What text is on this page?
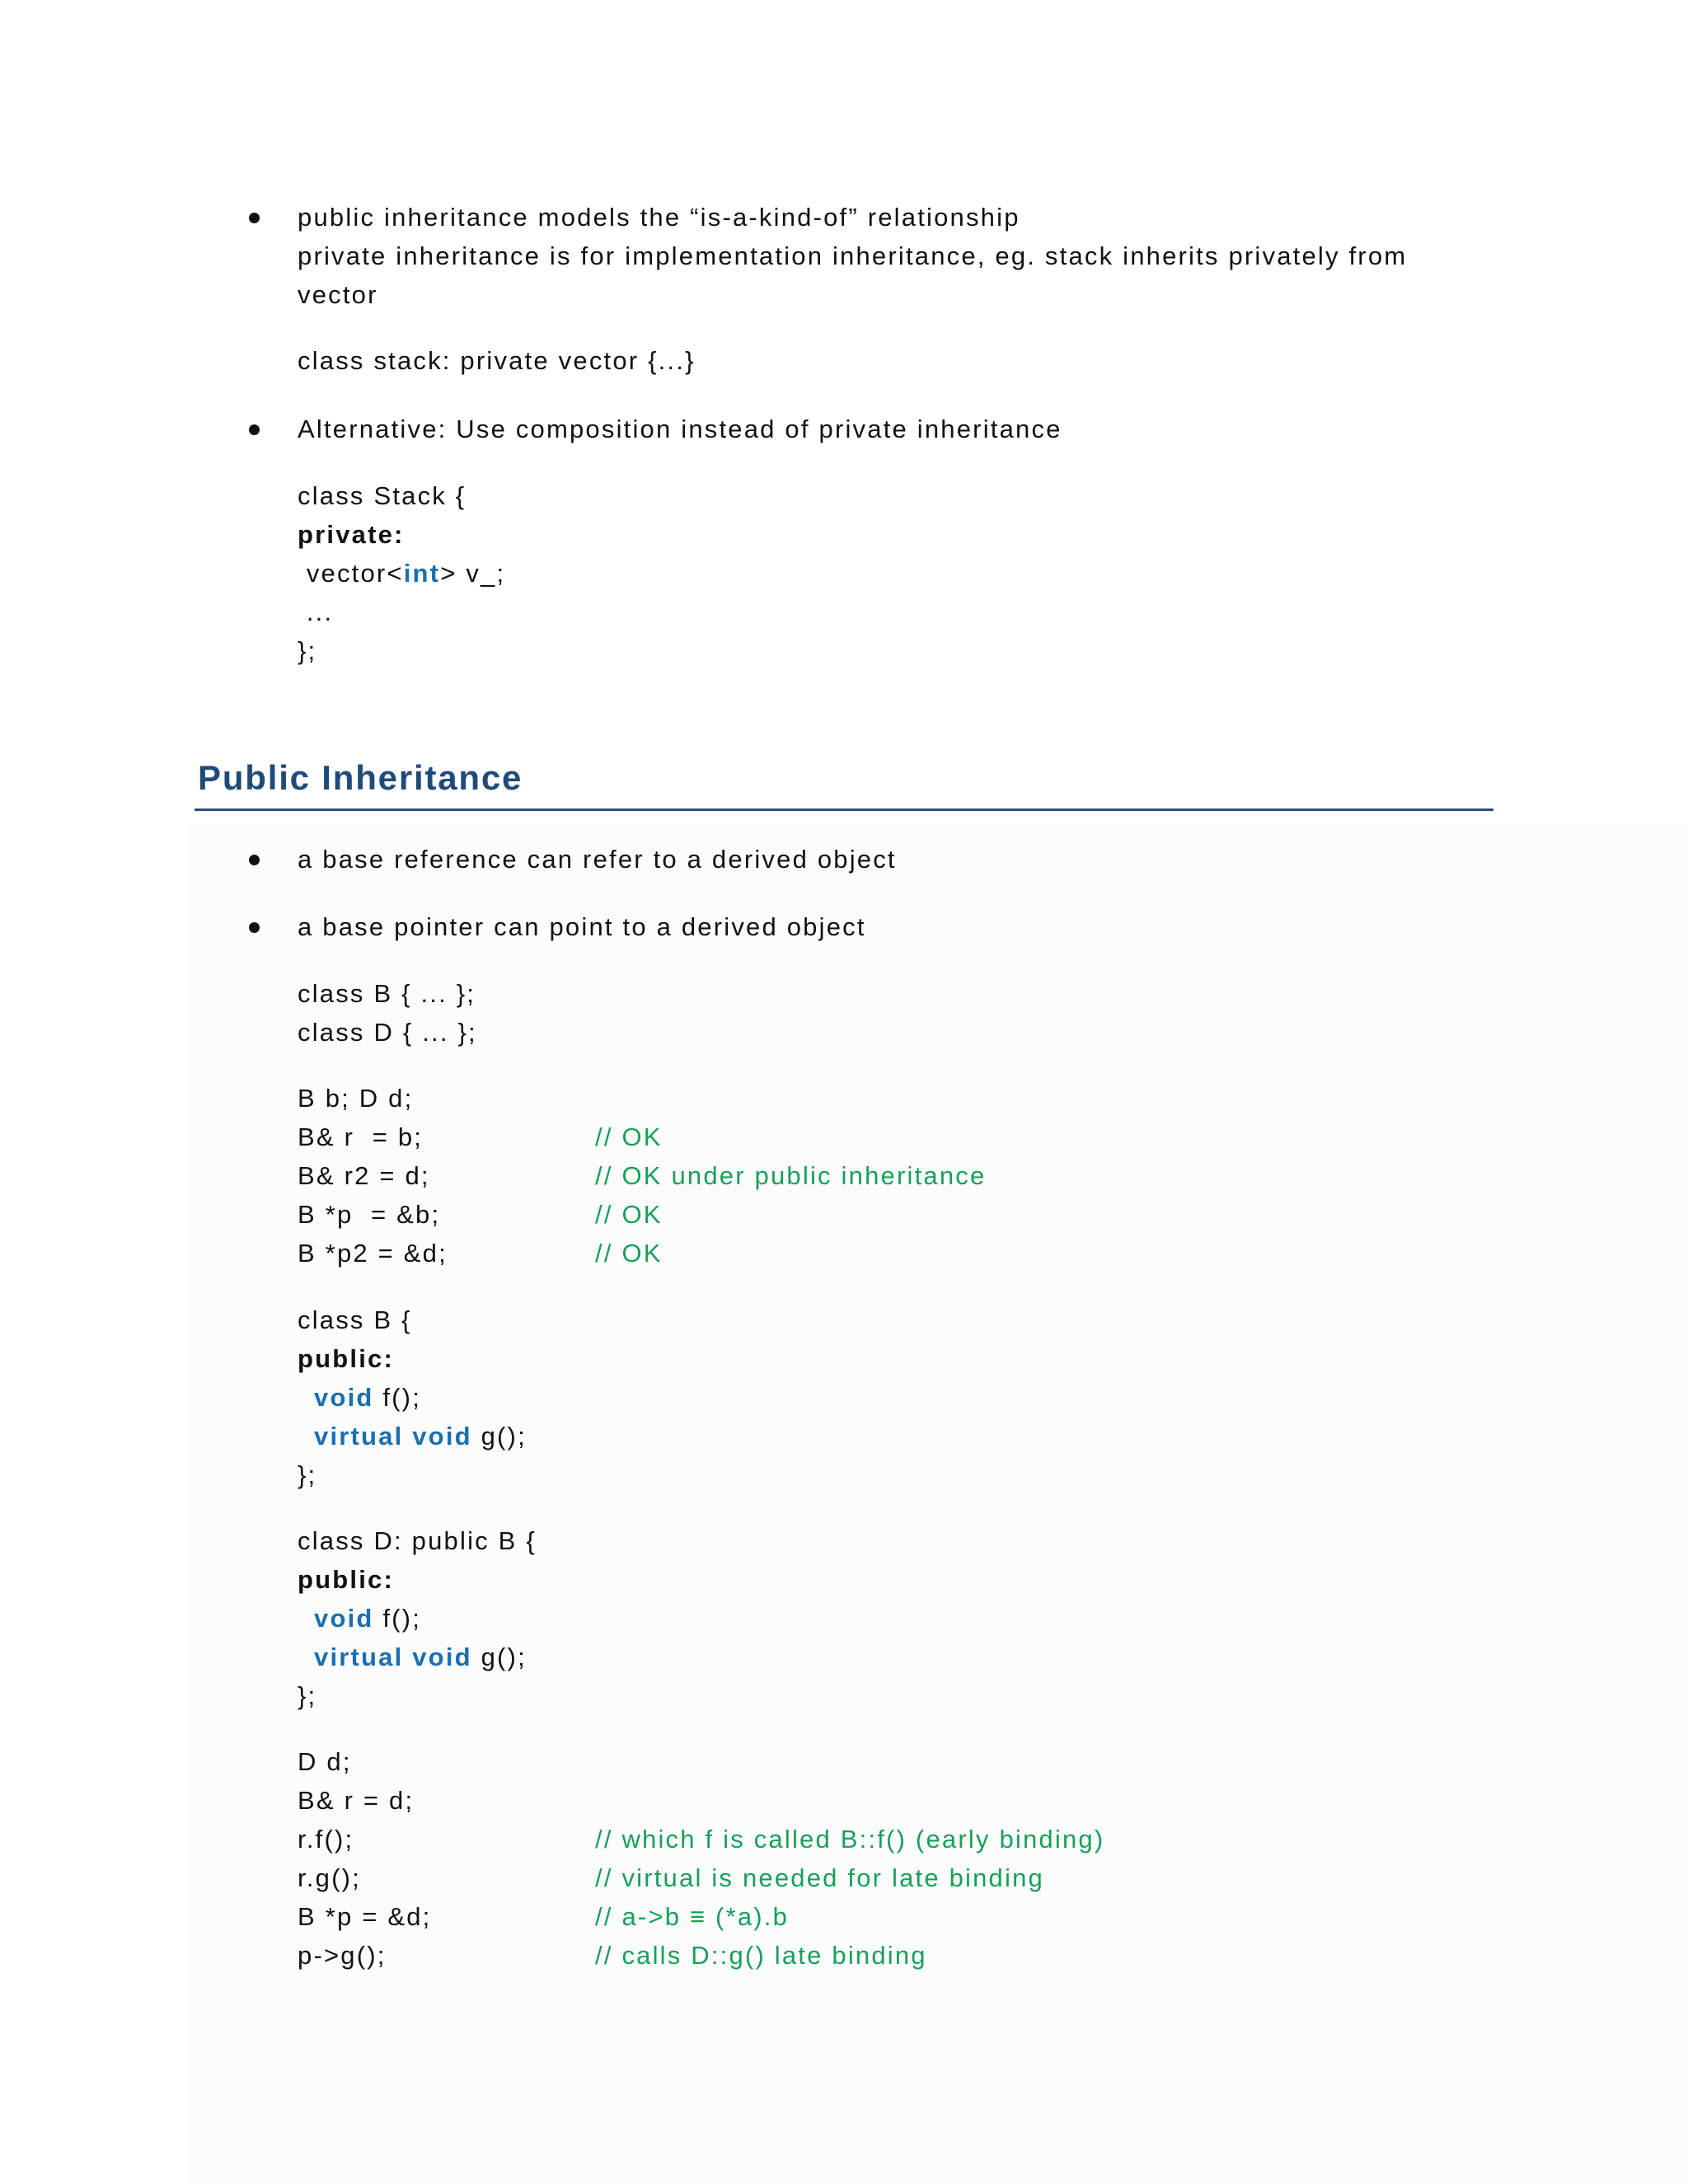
public inheritance models the “is-a-kind-of” relationship
private inheritance is for implementation inheritance, eg. stack inherits privately from
vector
class stack: private vector {...}
Alternative: Use composition instead of private inheritance
class Stack {
private:
vector<int> v_;
...
};
Public Inheritance
a base reference can refer to a derived object
a base pointer can point to a derived object
class B { ... };
class D { ... };
B b; D d;
B& r  = b;	// OK
B& r2 = d;	// OK under public inheritance
B *p  = &b;	// OK
B *p2 = &d;	// OK
class B {
public:
void f();
virtual void g();
};
class D: public B {
public:
void f();
virtual void g();
};
D d;
B& r = d;
r.f();	// which f is called B::f() (early binding)
r.g();	// virtual is needed for late binding
B *p = &d;	// a->b ≡ (*a).b
p->g();	// calls D::g() late binding
